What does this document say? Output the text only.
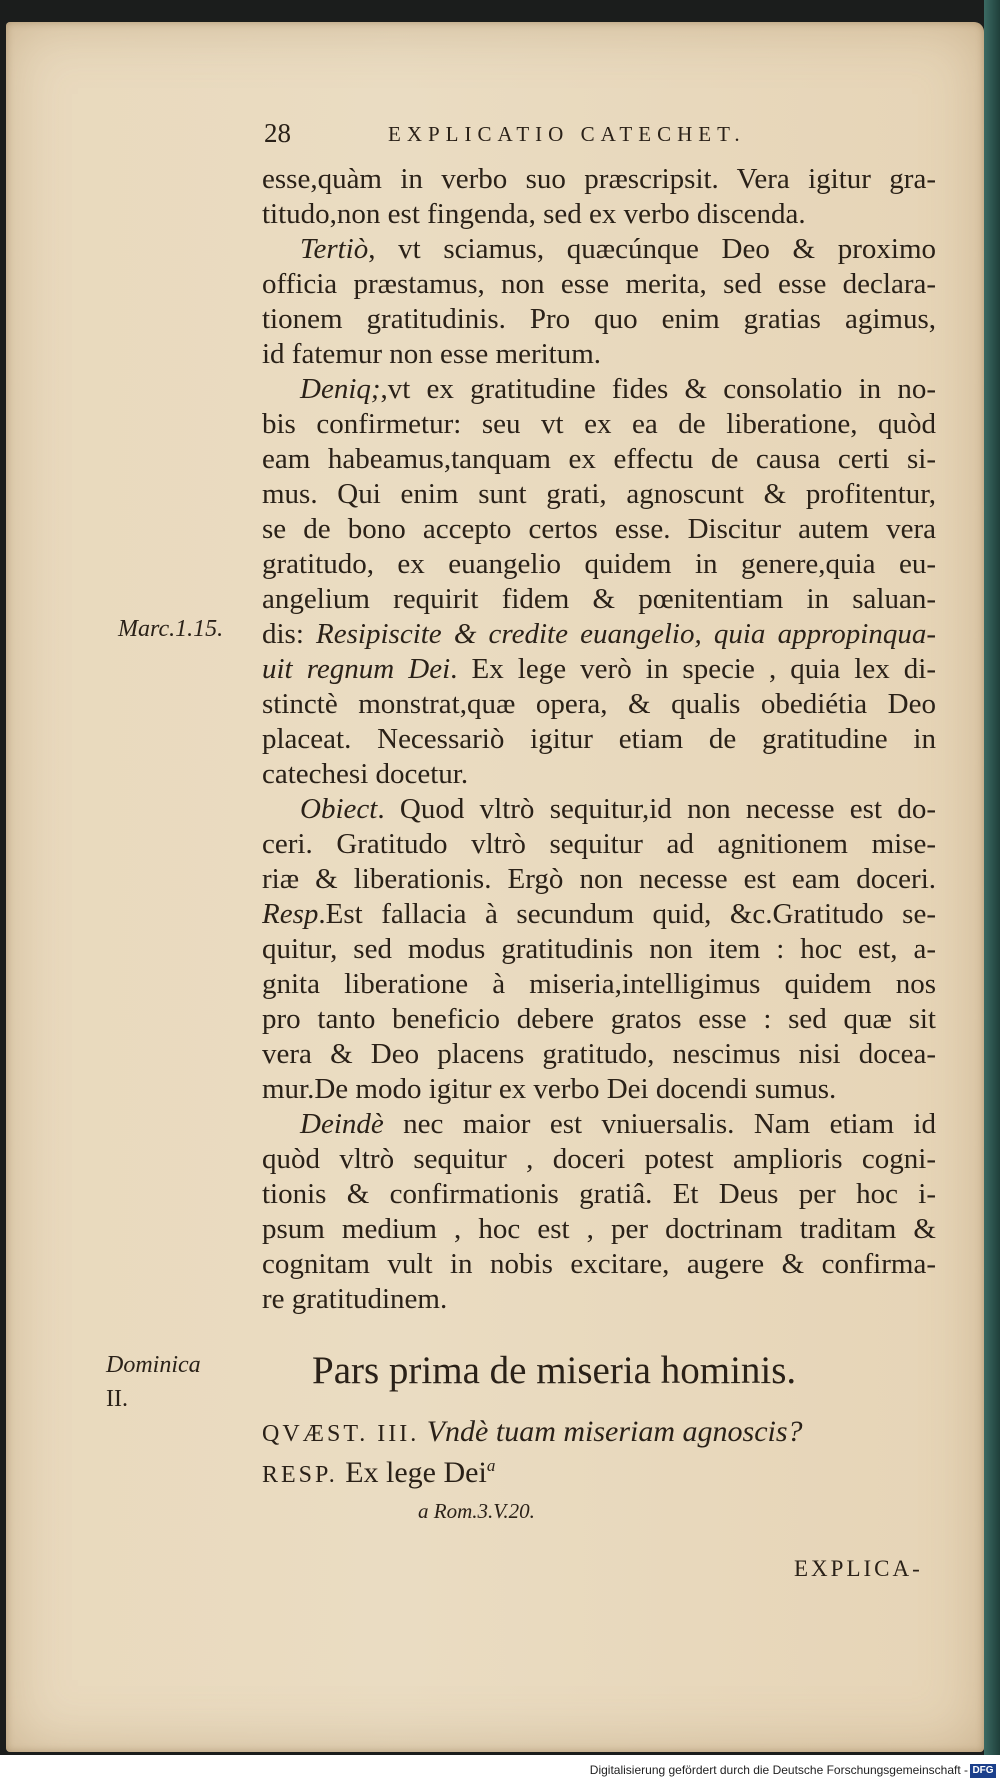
28	EXPLICATIO CATECHET.
esse,quàm in verbo suo præscripsit. Vera igitur gra-
titudo,non est fingenda, sed ex verbo discenda.
Tertiò, vt sciamus, quæcúnque Deo & proximo
officia præstamus, non esse merita, sed esse declara-
tionem gratitudinis. Pro quo enim gratias agimus,
id fatemur non esse meritum.
Deniq;,vt ex gratitudine fides & consolatio in no-
bis confirmetur: seu vt ex ea de liberatione, quòd
eam habeamus,tanquam ex effectu de causa certi si-
mus. Qui enim sunt grati, agnoscunt & profitentur,
se de bono accepto certos esse. Discitur autem vera
gratitudo, ex euangelio quidem in genere,quia eu-
angelium requirit fidem & pœnitentiam in saluan-
dis: Resipiscite & credite euangelio, quia appropinqua-
uit regnum Dei. Ex lege verò in specie , quia lex di-
stinctè monstrat,quæ opera, & qualis obediétia Deo
placeat. Necessariò igitur etiam de gratitudine in
catechesi docetur.
Obiect. Quod vltrò sequitur,id non necesse est do-
ceri. Gratitudo vltrò sequitur ad agnitionem mise-
riæ & liberationis. Ergò non necesse est eam doceri.
Resp.Est fallacia à secundum quid, &c.Gratitudo se-
quitur, sed modus gratitudinis non item : hoc est, a-
gnita liberatione à miseria,intelligimus quidem nos
pro tanto beneficio debere gratos esse : sed quæ sit
vera & Deo placens gratitudo, nescimus nisi docea-
mur.De modo igitur ex verbo Dei docendi sumus.
Deindè nec maior est vniuersalis. Nam etiam id
quòd vltrò sequitur , doceri potest amplioris cogni-
tionis & confirmationis gratiâ. Et Deus per hoc i-
psum medium , hoc est , per doctrinam traditam &
cognitam vult in nobis excitare, augere & confirma-
re gratitudinem.
Marc.1.15.
Dominica
II.
Pars prima de miseria hominis.
QVÆST. III. Vndè tuam miseriam agnoscis?
RESP. Ex lege Dei$^a$
a Rom.3.V.20.
EXPLICA-
Digitalisierung gefördert durch die Deutsche Forschungsgemeinschaft - DFG
